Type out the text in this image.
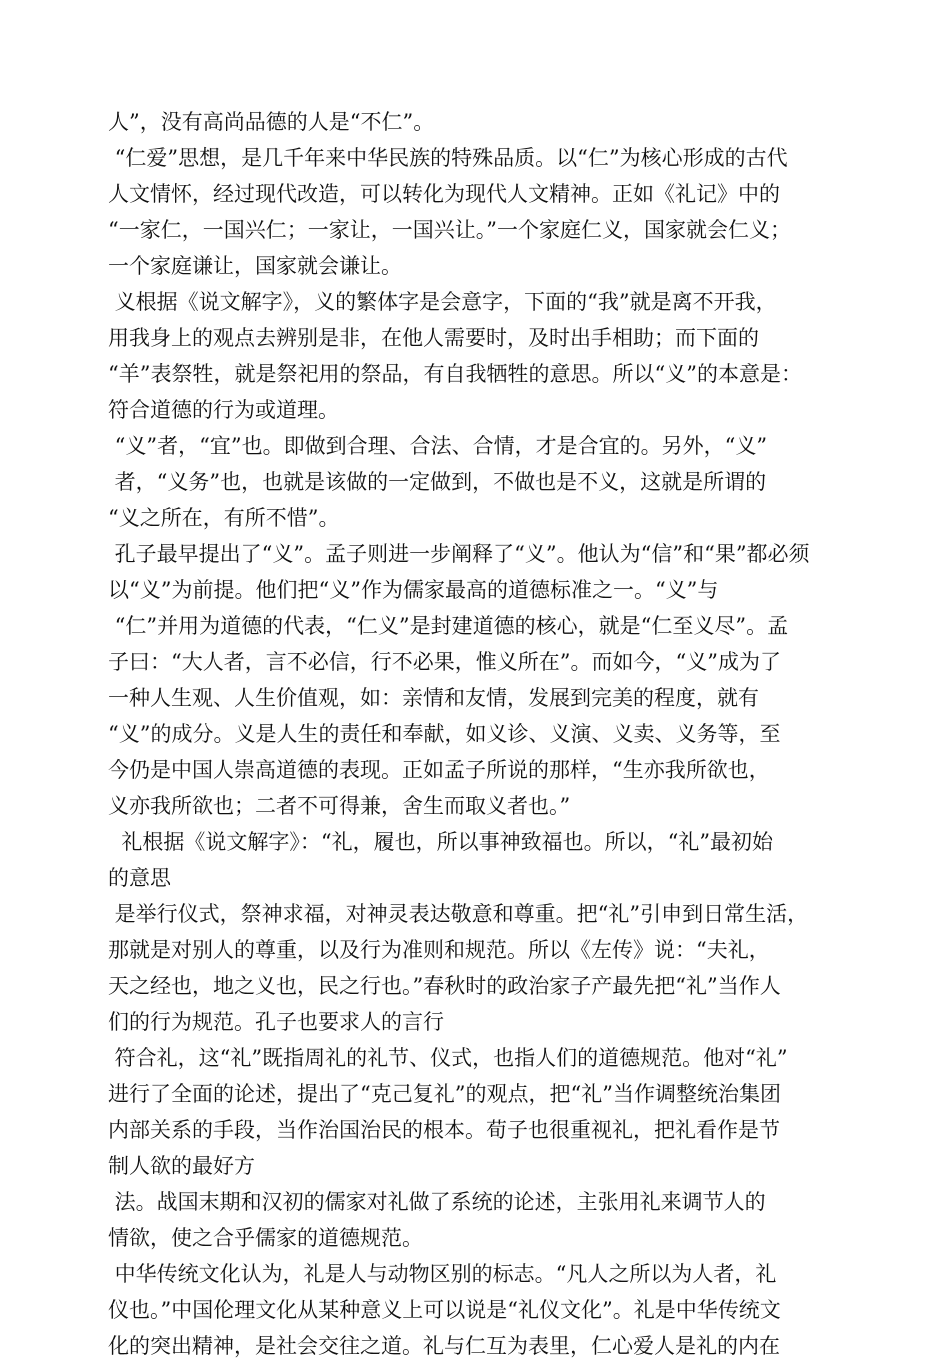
人”，没有高尚品德的人是“不仁”。
“仁爱”思想，是几千年来中华民族的特殊品质。以“仁”为核心形成的古代
人文情怀，经过现代改造，可以转化为现代人文精神。正如《礼记》中的
“一家仁，一国兴仁；一家让，一国兴让。”一个家庭仁义，国家就会仁义；
一个家庭谦让，国家就会谦让。
义根据《说文解字》，义的繁体字是会意字，下面的“我”就是离不开我，
用我身上的观点去辨别是非，在他人需要时，及时出手相助；而下面的
“羊”表祭牲，就是祭祀用的祭品，有自我牺牲的意思。所以“义”的本意是：
符合道德的行为或道理。
“义”者，“宜”也。即做到合理、合法、合情，才是合宜的。另外，“义”
者，“义务”也，也就是该做的一定做到，不做也是不义，这就是所谓的
“义之所在，有所不惜”。
孔子最早提出了“义”。孟子则进一步阐释了“义”。他认为“信”和“果”都必须
以“义”为前提。他们把“义”作为儒家最高的道德标准之一。“义”与
“仁”并用为道德的代表，“仁义”是封建道德的核心，就是“仁至义尽”。孟
子曰：“大人者，言不必信，行不必果，惟义所在”。而如今，“义”成为了
一种人生观、人生价值观，如：亲情和友情，发展到完美的程度，就有
“义”的成分。义是人生的责任和奉献，如义诊、义演、义卖、义务等，至
今仍是中国人崇高道德的表现。正如孟子所说的那样，“生亦我所欲也，
义亦我所欲也；二者不可得兼，舍生而取义者也。”
礼根据《说文解字》：“礼，履也，所以事神致福也。所以，“礼”最初始
的意思
是举行仪式，祭神求福，对神灵表达敬意和尊重。把“礼”引申到日常生活，
那就是对别人的尊重，以及行为准则和规范。所以《左传》说：“夫礼，
天之经也，地之义也，民之行也。”春秋时的政治家子产最先把“礼”当作人
们的行为规范。孔子也要求人的言行
符合礼，这“礼”既指周礼的礼节、仪式，也指人们的道德规范。他对“礼”
进行了全面的论述，提出了“克己复礼”的观点，把“礼”当作调整统治集团
内部关系的手段，当作治国治民的根本。荀子也很重视礼，把礼看作是节
制人欲的最好方
法。战国末期和汉初的儒家对礼做了系统的论述，主张用礼来调节人的
情欲，使之合乎儒家的道德规范。
中华传统文化认为，礼是人与动物区别的标志。“凡人之所以为人者，礼
仪也。”中国伦理文化从某种意义上可以说是“礼仪文化”。礼是中华传统文
化的突出精神，是社会交往之道。礼与仁互为表里，仁心爱人是礼的内在
